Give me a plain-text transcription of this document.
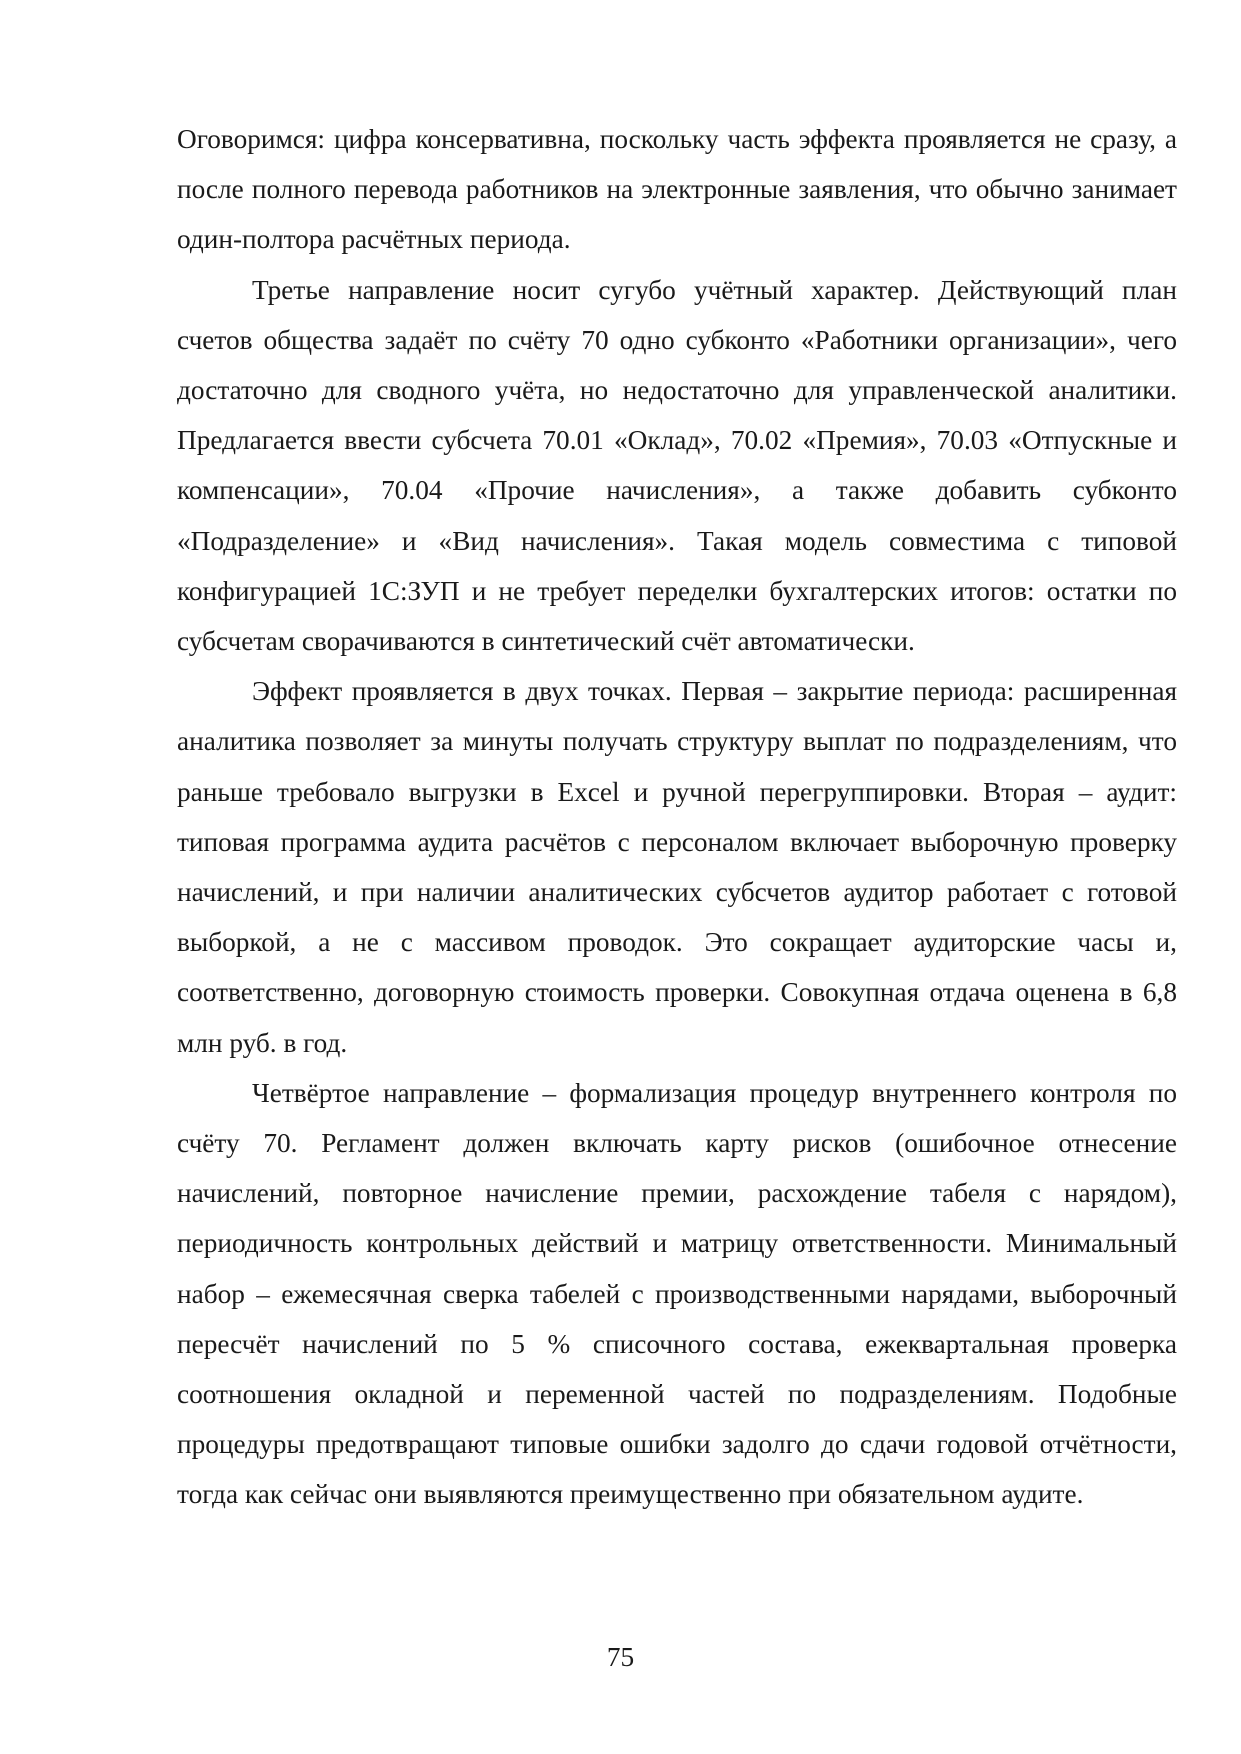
Оговоримся: цифра консервативна, поскольку часть эффекта проявляется не сразу, а после полного перевода работников на электронные заявления, что обычно занимает один-полтора расчётных периода.

Третье направление носит сугубо учётный характер. Действующий план счетов общества задаёт по счёту 70 одно субконто «Работники организации», чего достаточно для сводного учёта, но недостаточно для управленческой аналитики. Предлагается ввести субсчета 70.01 «Оклад», 70.02 «Премия», 70.03 «Отпускные и компенсации», 70.04 «Прочие начисления», а также добавить субконто «Подразделение» и «Вид начисления». Такая модель совместима с типовой конфигурацией 1С:ЗУП и не требует переделки бухгалтерских итогов: остатки по субсчетам сворачиваются в синтетический счёт автоматически.

Эффект проявляется в двух точках. Первая – закрытие периода: расширенная аналитика позволяет за минуты получать структуру выплат по подразделениям, что раньше требовало выгрузки в Excel и ручной перегруппировки. Вторая – аудит: типовая программа аудита расчётов с персоналом включает выборочную проверку начислений, и при наличии аналитических субсчетов аудитор работает с готовой выборкой, а не с массивом проводок. Это сокращает аудиторские часы и, соответственно, договорную стоимость проверки. Совокупная отдача оценена в 6,8 млн руб. в год.

Четвёртое направление – формализация процедур внутреннего контроля по счёту 70. Регламент должен включать карту рисков (ошибочное отнесение начислений, повторное начисление премии, расхождение табеля с нарядом), периодичность контрольных действий и матрицу ответственности. Минимальный набор – ежемесячная сверка табелей с производственными нарядами, выборочный пересчёт начислений по 5 % списочного состава, ежеквартальная проверка соотношения окладной и переменной частей по подразделениям. Подобные процедуры предотвращают типовые ошибки задолго до сдачи годовой отчётности, тогда как сейчас они выявляются преимущественно при обязательном аудите.

75
